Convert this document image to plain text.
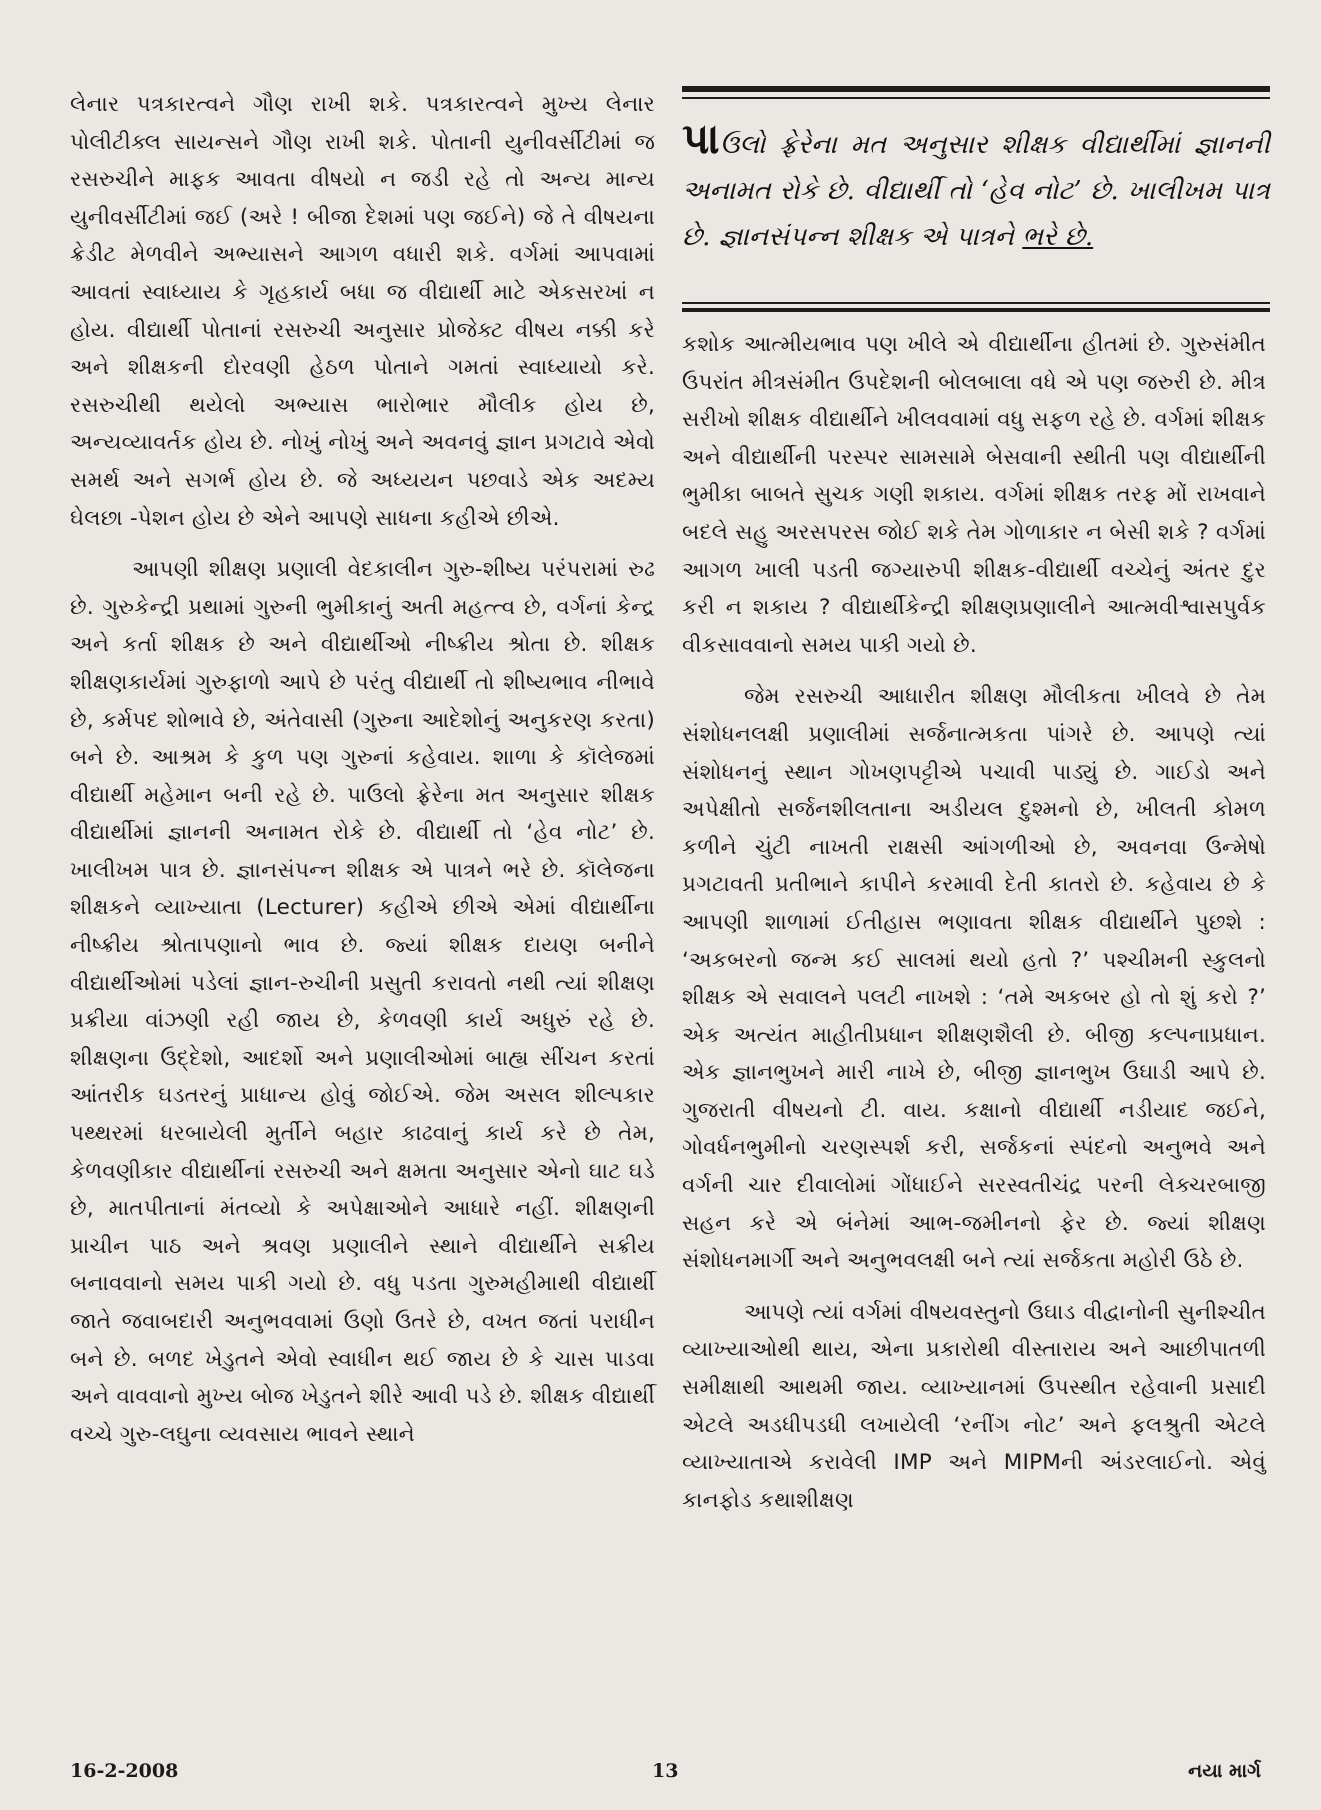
લેનાર પત્રકારત્વને ગૌણ રાખી શકે. પત્રકારત્વને મુખ્ય લેનાર પોલીટીક્લ સાયન્સને ગૌણ રાખી શકે. પોતાની યુનીવર્સીટીમાં જ રસરુચીને માફક આવતા વીષયો ન જડી રહે તો અન્ય માન્ય યુનીવર્સીટીમાં જઈ (અરે ! બીજા દેશમાં પણ જઈને) જે તે વીષયના ક્રેડીટ મેળવીને અભ્યાસને આગળ વધારી શકે. વર્ગમાં આપવામાં આવતાં સ્વાધ્યાય કે ગૃહકાર્ય બધા જ વીદ્યાર્થી માટે એકસરખાં ન હોય. વીદ્યાર્થી પોતાનાં રસરુચી અનુસાર પ્રોજેક્ટ વીષય નક્કી કરે અને શીક્ષકની દોરવણી હેઠળ પોતાને ગમતાં સ્વાધ્યાયો કરે. રસરુચીથી થયેલો અભ્યાસ ભારોભાર મૌલીક હોય છે, અન્યવ્યાવર્તક હોય છે. નોખું નોખું અને અવનવું જ્ઞાન પ્રગટાવે એવો સમર્થ અને સગર્ભ હોય છે. જે અધ્યયન પછવાડે એક અદમ્ય ઘેલછા -પેશન હોય છે એને આપણે સાધના કહીએ છીએ.

આપણી શીક્ષણ પ્રણાલી વેદકાલીન ગુરુ-શીષ્ય પરંપરામાં રુઢ છે. ગુરુકેન્દ્રી પ્રથામાં ગુરુની ભુમીકાનું અતી મહત્ત્વ છે, વર્ગનાં કેન્દ્ર અને કર્તા શીક્ષક છે અને વીદ્યાર્થીઓ નીષ્ક્રીય શ્રોતા છે. શીક્ષક શીક્ષણકાર્યમાં ગુરુફાળો આપે છે પરંતુ વીદ્યાર્થી તો શીષ્યભાવ નીભાવે છે, કર્મપદ શોભાવે છે, અંતેવાસી (ગુરુના આદેશોનું અનુકરણ કરતા) બને છે. આશ્રમ કે કુળ પણ ગુરુનાં કહેવાય. શાળા કે કૉલેજમાં વીદ્યાર્થી મહેમાન બની રહે છે. પાઉલો ફ્રેરેના મત અનુસાર શીક્ષક વીદ્યાર્થીમાં જ્ઞાનની અનામત રોકે છે. વીદ્યાર્થી તો ‘હેવ નોટ’ છે. ખાલીખમ પાત્ર છે. જ્ઞાનસંપન્ન શીક્ષક એ પાત્રને ભરે છે. કૉલેજના શીક્ષકને વ્યાખ્યાતા (Lecturer) કહીએ છીએ એમાં વીદ્યાર્થીના નીષ્ક્રીય શ્રોતાપણાનો ભાવ છે. જ્યાં શીક્ષક દાયણ બનીને વીદ્યાર્થીઓમાં પડેલાં જ્ઞાન-રુચીની પ્રસુતી કરાવતો નથી ત્યાં શીક્ષણ પ્રક્રીયા વાંઝણી રહી જાય છે, કેળવણી કાર્ય અધુરું રહે છે. શીક્ષણના ઉદ્દેશો, આદર્શો અને પ્રણાલીઓમાં બાહ્ય સીંચન કરતાં આંતરીક ઘડતરનું પ્રાધાન્ય હોવું જોઈએ. જેમ અસલ શીલ્પકાર પથ્થરમાં ધરબાયેલી મુર્તીને બહાર કાઢવાનું કાર્ય કરે છે તેમ, કેળવણીકાર વીદ્યાર્થીનાં રસરુચી અને ક્ષમતા અનુસાર એનો ઘાટ ઘડે છે, માતપીતાનાં મંતવ્યો કે અપેક્ષાઓને આધારે નહીં. શીક્ષણની પ્રાચીન પાઠ અને શ્રવણ પ્રણાલીને સ્થાને વીદ્યાર્થીને સક્રીય બનાવવાનો સમય પાકી ગયો છે. વધુ પડતા ગુરુમહીમાથી વીદ્યાર્થી જાતે જવાબદારી અનુભવવામાં ઉણો ઉતરે છે, વખત જતાં પરાધીન બને છે. બળદ ખેડુતને એવો સ્વાધીન થઈ જાય છે કે ચાસ પાડવા અને વાવવાનો મુખ્ય બોજ ખેડુતને શીરે આવી પડે છે. શીક્ષક વીદ્યાર્થી વચ્ચે ગુરુ-લઘુના વ્યવસાય ભાવને સ્થાને

પાઉલો ફ્રેરેના મત અનુસાર શીક્ષક વીદ્યાર્થીમાં જ્ઞાનની અનામત રોકે છે. વીદ્યાર્થી તો ‘હેવ નોટ’ છે. ખાલીખમ પાત્ર છે. જ્ઞાનસંપન્ન શીક્ષક એ પાત્રને ભરે છે.

કશોક આત્મીયભાવ પણ ખીલે એ વીદ્યાર્થીના હીતમાં છે. ગુરુસંમીત ઉપરાંત મીત્રસંમીત ઉપદેશની બોલબાલા વધે એ પણ જરુરી છે. મીત્ર સરીખો શીક્ષક વીદ્યાર્થીને ખીલવવામાં વધુ સફળ રહે છે. વર્ગમાં શીક્ષક અને વીદ્યાર્થીની પરસ્પર સામસામે બેસવાની સ્થીતી પણ વીદ્યાર્થીની ભુમીકા બાબતે સુચક ગણી શકાય. વર્ગમાં શીક્ષક તરફ મોં રાખવાને બદલે સહુ અરસપરસ જોઈ શકે તેમ ગોળાકાર ન બેસી શકે ? વર્ગમાં આગળ ખાલી પડતી જગ્યારુપી શીક્ષક-વીદ્યાર્થી વચ્ચેનું અંતર દુર કરી ન શકાય ? વીદ્યાર્થીકેન્દ્રી શીક્ષણપ્રણાલીને આત્મવીશ્વાસપુર્વક વીકસાવવાનો સમય પાકી ગયો છે.

જેમ રસરુચી આધારીત શીક્ષણ મૌલીકતા ખીલવે છે તેમ સંશોધનલક્ષી પ્રણાલીમાં સર્જનાત્મકતા પાંગરે છે. આપણે ત્યાં સંશોધનનું સ્થાન ગોખણપટ્ટીએ પચાવી પાડ્યું છે. ગાઈડો અને અપેક્ષીતો સર્જનશીલતાના અડીયલ દુશ્મનો છે, ખીલતી કોમળ કળીને ચુંટી નાખતી રાક્ષસી આંગળીઓ છે, અવનવા ઉન્મેષો પ્રગટાવતી પ્રતીભાને કાપીને કરમાવી દેતી કાતરો છે. કહેવાય છે કે આપણી શાળામાં ઈતીહાસ ભણાવતા શીક્ષક વીદ્યાર્થીને પુછશે : ‘અકબરનો જન્મ કઈ સાલમાં થયો હતો ?’ પશ્ચીમની સ્કુલનો શીક્ષક એ સવાલને પલટી નાખશે : ‘તમે અકબર હો તો શું કરો ?’ એક અત્યંત માહીતીપ્રધાન શીક્ષણશૈલી છે. બીજી કલ્પનાપ્રધાન. એક જ્ઞાનભુખને મારી નાખે છે, બીજી જ્ઞાનભુખ ઉઘાડી આપે છે. ગુજરાતી વીષયનો ટી. વાય. કક્ષાનો વીદ્યાર્થી નડીયાદ જઈને, ગોવર્ધનભુમીનો ચરણસ્પર્શ કરી, સર્જકનાં સ્પંદનો અનુભવે અને વર્ગની ચાર દીવાલોમાં ગોંધાઈને સરસ્વતીચંદ્ર પરની લેક્ચરબાજી સહન કરે એ બંનેમાં આભ-જમીનનો ફેર છે. જ્યાં શીક્ષણ સંશોધનમાર્ગી અને અનુભવલક્ષી બને ત્યાં સર્જકતા મહોરી ઉઠે છે.

આપણે ત્યાં વર્ગમાં વીષયવસ્તુનો ઉઘાડ વીદ્વાનોની સુનીશ્ચીત વ્યાખ્યાઓથી થાય, એના પ્રકારોથી વીસ્તારાય અને આછીપાતળી સમીક્ષાથી આથમી જાય. વ્યાખ્યાનમાં ઉપસ્થીત રહેવાની પ્રસાદી એટલે અડધીપડધી લખાયેલી ‘રનીંગ નોટ’ અને ફલશ્રુતી એટલે વ્યાખ્યાતાએ કરાવેલી IMP અને MIPMની અંડરલાઈનો. એવું કાનફોડ કથાશીક્ષણ

16-2-2008	13	નયા માર્ગ
